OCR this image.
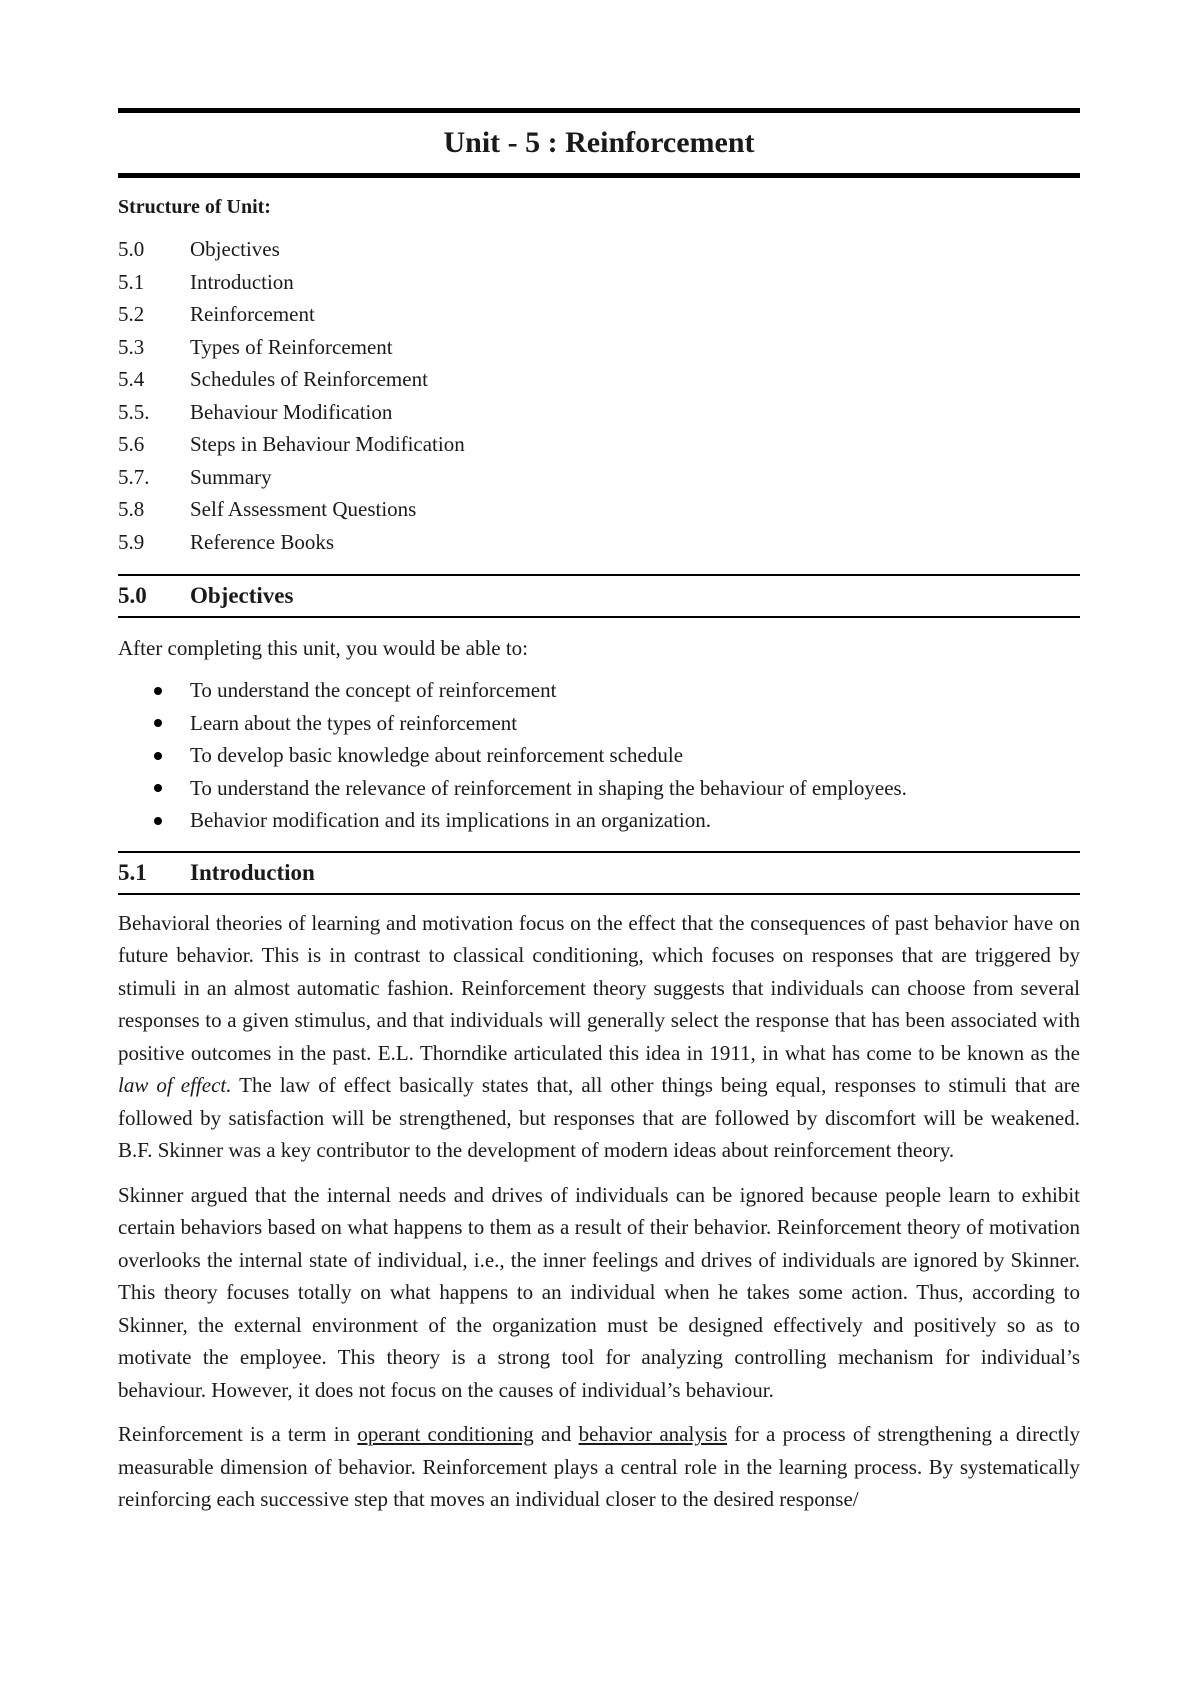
Unit - 5 : Reinforcement
Structure of Unit:
5.0	Objectives
5.1	Introduction
5.2	Reinforcement
5.3	Types of Reinforcement
5.4	Schedules of Reinforcement
5.5.	Behaviour Modification
5.6	Steps in Behaviour Modification
5.7.	Summary
5.8	Self Assessment Questions
5.9	Reference Books
5.0	Objectives
After completing this unit, you would be able to:
To understand the concept of reinforcement
Learn about the types of reinforcement
To develop basic knowledge about reinforcement schedule
To understand the relevance of reinforcement in shaping the behaviour of employees.
Behavior modification and its implications in an organization.
5.1	Introduction

Behavioral theories of learning and motivation focus on the effect that the consequences of past behavior have on future behavior. This is in contrast to classical conditioning, which focuses on responses that are triggered by stimuli in an almost automatic fashion. Reinforcement theory suggests that individuals can choose from several responses to a given stimulus, and that individuals will generally select the response that has been associated with positive outcomes in the past. E.L. Thorndike articulated this idea in 1911, in what has come to be known as the law of effect. The law of effect basically states that, all other things being equal, responses to stimuli that are followed by satisfaction will be strengthened, but responses that are followed by discomfort will be weakened. B.F. Skinner was a key contributor to the development of modern ideas about reinforcement theory.

Skinner argued that the internal needs and drives of individuals can be ignored because people learn to exhibit certain behaviors based on what happens to them as a result of their behavior. Reinforcement theory of motivation overlooks the internal state of individual, i.e., the inner feelings and drives of individuals are ignored by Skinner. This theory focuses totally on what happens to an individual when he takes some action. Thus, according to Skinner, the external environment of the organization must be designed effectively and positively so as to motivate the employee. This theory is a strong tool for analyzing controlling mechanism for individual’s behaviour. However, it does not focus on the causes of individual’s behaviour.

Reinforcement is a term in operant conditioning and behavior analysis for a process of strengthening a directly measurable dimension of behavior. Reinforcement plays a central role in the learning process. By systematically reinforcing each successive step that moves an individual closer to the desired response/
